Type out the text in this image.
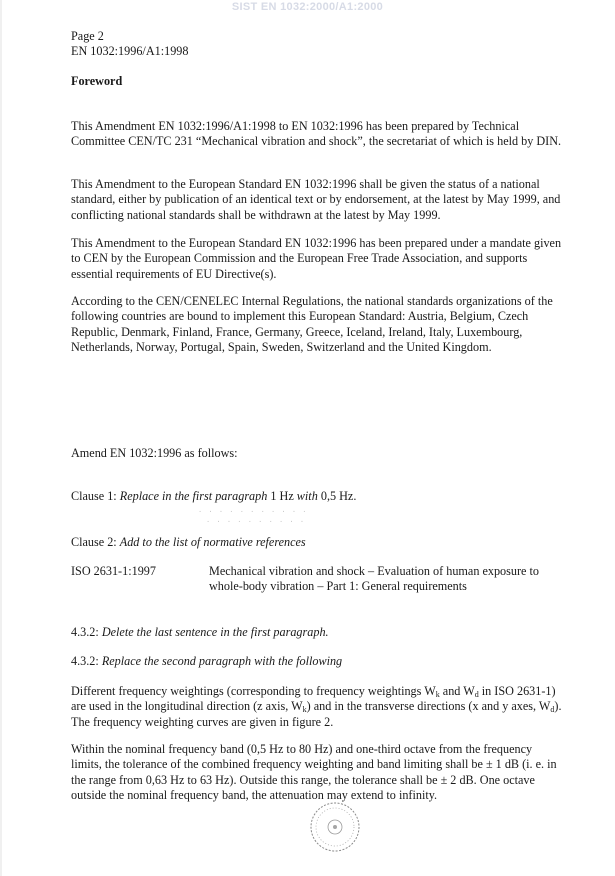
SIST EN 1032:2000/A1:2000

Page 2

EN 1032:1996/A1:1998

Foreword

This Amendment EN 1032:1996/A1:1998 to EN 1032:1996 has been prepared by Technical Committee CEN/TC 231 “Mechanical vibration and shock”, the secretariat of which is held by DIN.

This Amendment to the European Standard EN 1032:1996 shall be given the status of a national standard, either by publication of an identical text or by endorsement, at the latest by May 1999, and conflicting national standards shall be withdrawn at the latest by May 1999.

This Amendment to the European Standard EN 1032:1996 has been prepared under a mandate given to CEN by the European Commission and the European Free Trade Association, and supports essential requirements of EU Directive(s).

According to the CEN/CENELEC Internal Regulations, the national standards organizations of the following countries are bound to implement this European Standard: Austria, Belgium, Czech Republic, Denmark, Finland, France, Germany, Greece, Iceland, Ireland, Italy, Luxembourg, Netherlands, Norway, Portugal, Spain, Sweden, Switzerland and the United Kingdom.

Amend EN 1032:1996 as follows:

Clause 1: Replace in the first paragraph 1 Hz with 0,5 Hz.

· · · · · · · · · · ·
· · · · · · · · · ·

Clause 2: Add to the list of normative references

ISO 2631-1:1997	Mechanical vibration and shock – Evaluation of human exposure to whole-body vibration – Part 1: General requirements

4.3.2: Delete the last sentence in the first paragraph.

4.3.2: Replace the second paragraph with the following

Different frequency weightings (corresponding to frequency weightings $W_k$ and $W_d$ in ISO 2631-1) are used in the longitudinal direction (z axis, $W_k$) and in the transverse directions (x and y axes, $W_d$). The frequency weighting curves are given in figure 2.

Within the nominal frequency band (0,5 Hz to 80 Hz) and one-third octave from the frequency limits, the tolerance of the combined frequency weighting and band limiting shall be ± 1 dB (i. e. in the range from 0,63 Hz to 63 Hz). Outside this range, the tolerance shall be ± 2 dB. One octave outside the nominal frequency band, the attenuation may extend to infinity.
